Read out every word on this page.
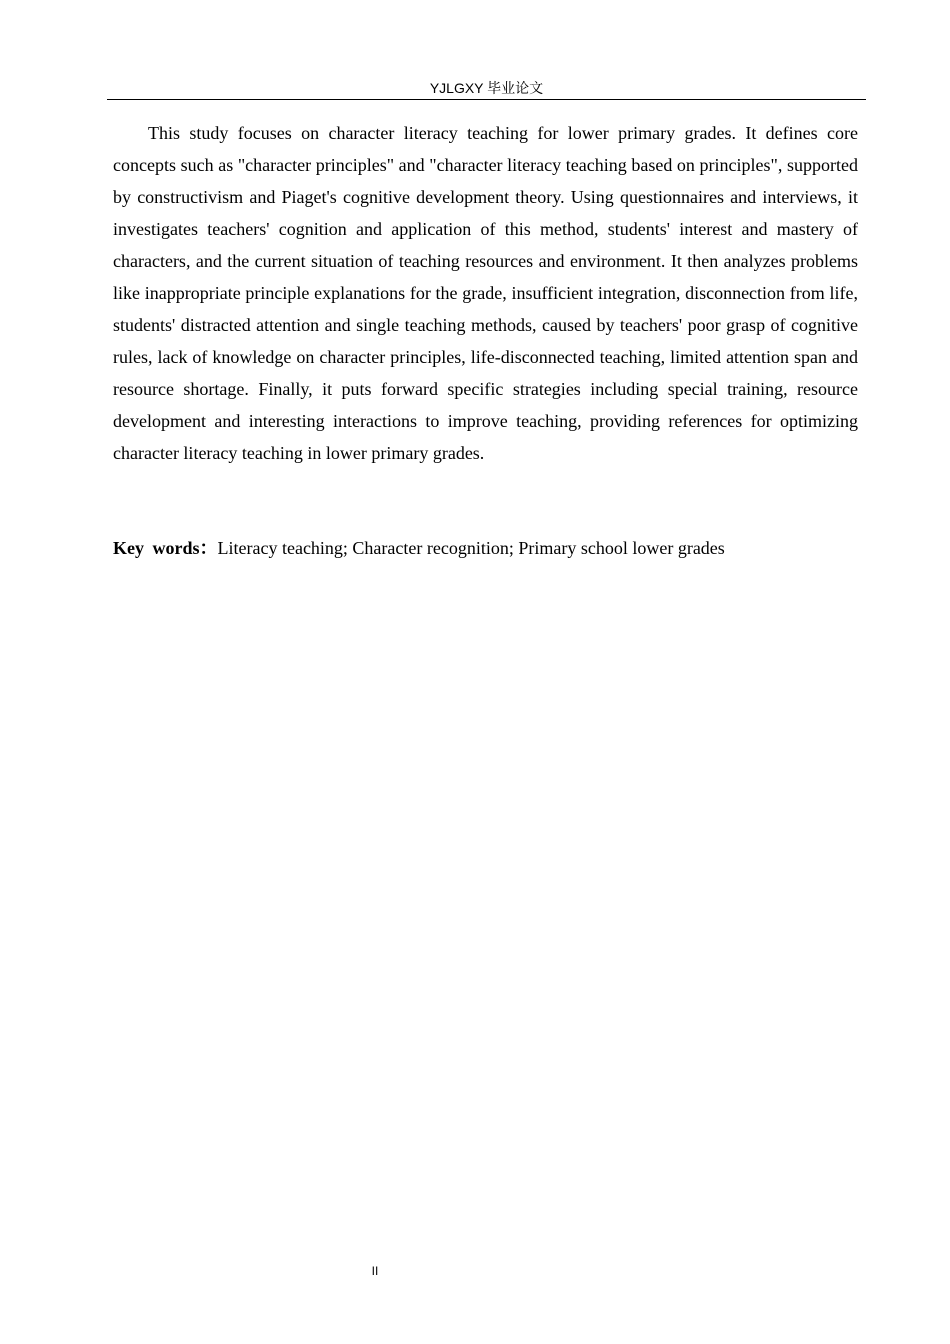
YJLGXY 毕业论文

This study focuses on character literacy teaching for lower primary grades. It defines core concepts such as "character principles" and "character literacy teaching based on principles", supported by constructivism and Piaget's cognitive development theory. Using questionnaires and interviews, it investigates teachers' cognition and application of this method, students' interest and mastery of characters, and the current situation of teaching resources and environment. It then analyzes problems like inappropriate principle explanations for the grade, insufficient integration, disconnection from life, students' distracted attention and single teaching methods, caused by teachers' poor grasp of cognitive rules, lack of knowledge on character principles, life-disconnected teaching, limited attention span and resource shortage. Finally, it puts forward specific strategies including special training, resource development and interesting interactions to improve teaching, providing references for optimizing character literacy teaching in lower primary grades.

Key words：Literacy teaching; Character recognition; Primary school lower grades

II
